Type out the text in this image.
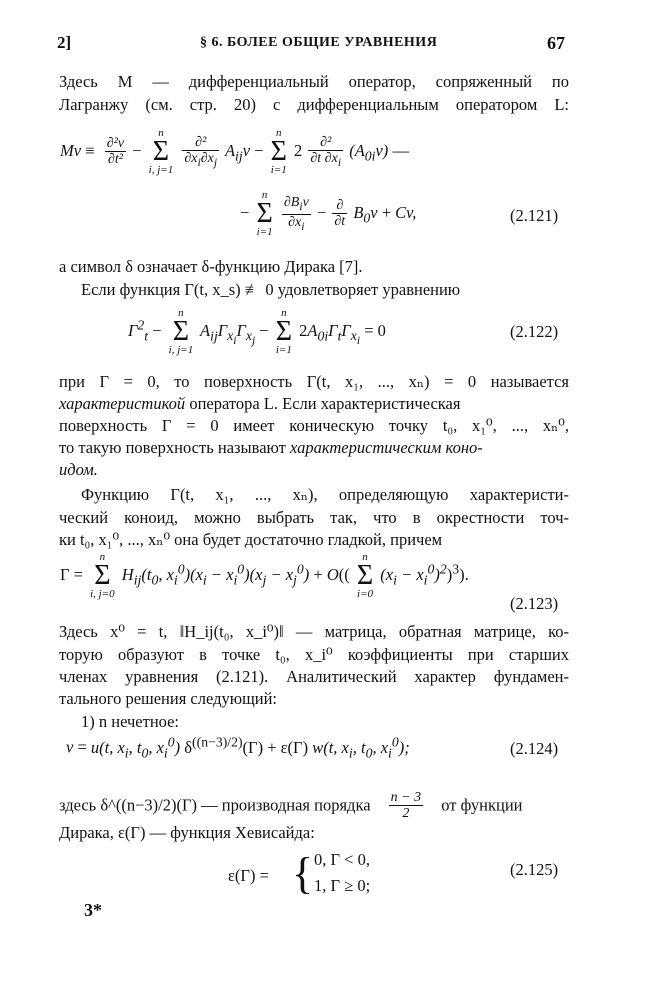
2]	§ 6. БОЛЕЕ ОБЩИЕ УРАВНЕНИЯ	67
Здесь M — дифференциальный оператор, сопряженный по
Лагранжу (см. стр. 20) с дифференциальным оператором L:
$Mv \equiv \frac{\text{∂²v}}{\text{∂t²}}$ −
n
Σ
i, j=1

$\frac{\text{∂²}}{\partial x_i\partial x_j} A_{ij}v$ −
n
Σ
i=1
$2 \frac{\text{∂²}}{\partial t \partial x_i} (A_{0i}v)$ —
−
n
Σ
i=1
$\frac{\partial B_iv}{\partial x_i} - \frac{\partial}{\partial t} B_0v + Cv$,	(2.121)
а символ δ означает δ-функцию Дирака [7].
Если функция Γ(t, x_s) ≢ 0 удовлетворяет уравнению
$\Gamma^2_t$ −
n
Σ
i, j=1
$A_{ij}\Gamma_{x_i}\Gamma_{x_j}$ −
n
Σ
i=1
$2A_{0i}\Gamma_t\Gamma_{x_i} = 0$	(2.122)
при Γ = 0, то поверхность Γ(t, x₁, ..., xₙ) = 0 называется
характеристикой оператора L. Если характеристическая
поверхность Γ = 0 имеет коническую точку t₀, x₁⁰, ..., xₙ⁰,
то такую поверхность называют характеристическим коно-
идом.
Функцию Γ(t, x₁, ..., xₙ), определяющую характеристи-
ческий коноид, можно выбрать так, что в окрестности точ-
ки t₀, x₁⁰, ..., xₙ⁰ она будет достаточно гладкой, причем
Γ =
n
Σ
i, j=0
$H_{ij}(t_0$, $x_i^0)(x_i - x_i^0)(x_j - x_j^0) + O$((
n
Σ
i=0
$(x_i - x_i^0)^2)^3$).
(2.123)
Здесь x⁰ = t, ‖H_ij(t₀, x_i⁰)‖ — матрица, обратная матрице, ко-
торую образуют в точке t₀, x_i⁰ коэффициенты при старших
членах уравнения (2.121). Аналитический характер фундамен-
тального решения следующий:
1) n нечетное:
v = u(t, $x_i$, $t_0$, $x_i^0$) $\delta^{((n-3)/2)}(\Gamma) + \varepsilon(\Gamma)$ w(t, $x_i$, $t_0$, $x_i^0$);	(2.124)
здесь δ^((n−3)/2)(Γ) — производная порядка $\frac{n - 3}{2}$ от функции
Дирака, ε(Γ) — функция Хевисайда:
ε(Γ) = { 0, Γ < 0,
1, Γ ≥ 0;
(2.125)
3*
